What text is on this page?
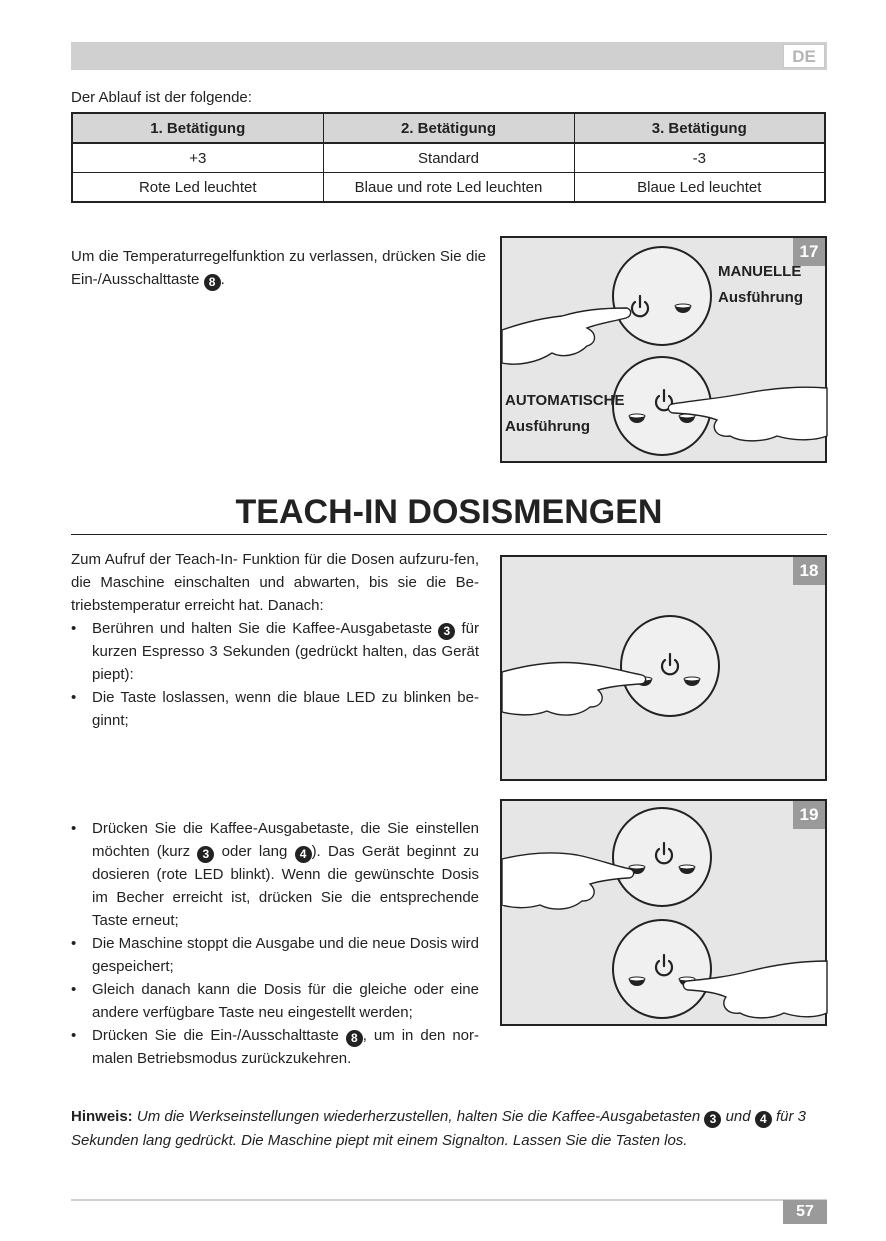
DE
Der Ablauf ist der folgende:
1. Betätigung	2. Betätigung	3. Betätigung
+3	Standard	-3
Rote Led leuchtet	Blaue und rote Led leuchten	Blaue Led leuchtet
Um die Temperaturregelfunktion zu verlassen, drücken Sie die Ein-/Ausschalttaste 8 .
17
MANUELLE
Ausführung
AUTOMATISCHE
Ausführung
TEACH-IN DOSISMENGEN
Zum Aufruf der Teach-In- Funktion für die Dosen aufzuru-fen, die Maschine einschalten und abwarten, bis sie die Be-triebstemperatur erreicht hat. Danach:
• Berühren und halten Sie die Kaffee-Ausgabetaste 3 für kurzen Espresso 3 Sekunden (gedrückt halten, das Gerät piept):
• Die Taste loslassen, wenn die blaue LED zu blinken be-ginnt;
18
• Drücken Sie die Kaffee-Ausgabetaste, die Sie einstellen möchten (kurz 3 oder lang 4 ). Das Gerät beginnt zu dosieren (rote LED blinkt). Wenn die gewünschte Dosis im Becher erreicht ist, drücken Sie die entsprechende Taste erneut;
• Die Maschine stoppt die Ausgabe und die neue Dosis wird gespeichert;
• Gleich danach kann die Dosis für die gleiche oder eine andere verfügbare Taste neu eingestellt werden;
• Drücken Sie die Ein-/Ausschalttaste 8 , um in den nor-malen Betriebsmodus zurückzukehren.
19
Hinweis: Um die Werkseinstellungen wiederherzustellen, halten Sie die Kaffee-Ausgabetasten 3 und 4 für 3 Sekunden lang gedrückt. Die Maschine piept mit einem Signalton. Lassen Sie die Tasten los.
57
